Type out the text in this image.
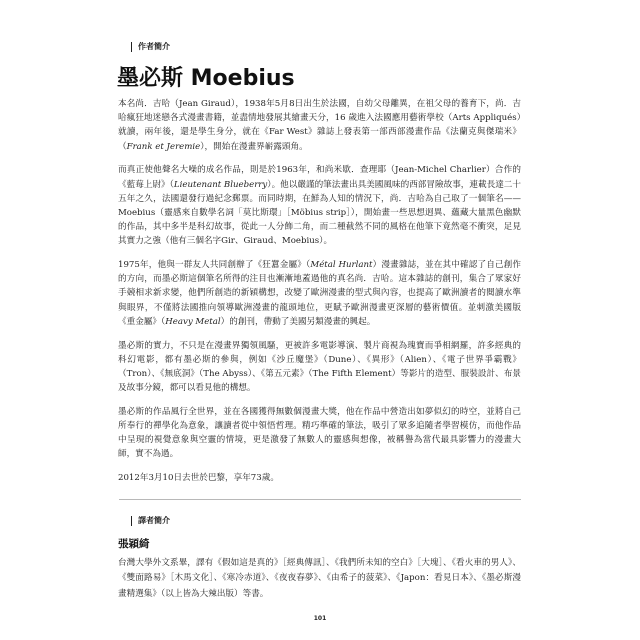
作者簡介
墨必斯 Moebius

本名尚．吉哈（Jean Giraud），1938年5月8日出生於法國，自幼父母離異，在祖父母的養育下，尚．吉哈瘋狂地迷戀各式漫畫書籍，並盡情地發展其繪畫天分，16 歲進入法國應用藝術學校（Arts Appliqués）就讀，兩年後，還是學生身分，就在《Far West》雜誌上發表第一部西部漫畫作品《法蘭克與傑瑞米》（Frank et Jeremie），開始在漫畫界嶄露頭角。

而真正使他聲名大噪的成名作品，則是於1963年，和尚米歇．查理耶（Jean-Michel Charlier）合作的《藍莓上尉》（Lieutenant Blueberry）。他以嚴謹的筆法畫出具美國風味的西部冒險故事，連載長達二十五年之久，法國還發行過紀念郵票。而同時期，在鮮為人知的情況下，尚．吉哈為自己取了一個筆名——Moebius（靈感來自數學名詞「莫比斯環」［Möbius strip］），開始畫一些思想迥異、蘊藏大量黑色幽默的作品，其中多半是科幻故事，從此一人分飾二角，而二種截然不同的風格在他筆下竟然毫不衝突，足見其實力之強（他有三個名字Gir、Giraud、Moebius）。

1975年，他與一群友人共同創辦了《狂囂金屬》（Métal Hurlant）漫畫雜誌，並在其中確認了自己創作的方向，而墨必斯這個筆名所得的注目也漸漸地蓋過他的真名尚．吉哈。這本雜誌的創刊，集合了眾家好手競相求新求變，他們所創造的新穎構想，改變了歐洲漫畫的型式與內容，也提高了歐洲讀者的閱讀水準與眼界，不僅將法國推向領導歐洲漫畫的龍頭地位，更賦予歐洲漫畫更深層的藝術價值。並刺激美國版《重金屬》（Heavy Metal）的創刊，帶動了美國另類漫畫的興起。

墨必斯的實力，不只是在漫畫界獨領風騷，更被許多電影導演、製片商視為瑰寶而爭相網羅，許多經典的科幻電影，都有墨必斯的參與，例如《沙丘魔堡》（Dune）、《異形》（Alien）、《電子世界爭霸戰》（Tron）、《無底洞》（The Abyss）、《第五元素》（The Fifth Element）等影片的造型、服裝設計、布景及故事分鏡，都可以看見他的構想。

墨必斯的作品風行全世界，並在各國獲得無數個漫畫大獎，他在作品中營造出如夢似幻的時空，並將自己所奉行的禪學化為意象，讓讀者從中領悟哲理。精巧準確的筆法，吸引了眾多追隨者學習模仿，而他作品中呈現的視覺意象與空靈的情境，更是激發了無數人的靈感與想像，被稱譽為當代最具影響力的漫畫大師，實不為過。

2012年3月10日去世於巴黎，享年73歲。

譯者簡介
張穎綺

台灣大學外文系畢，譯有《假如這是真的》［經典傳訊］、《我們所未知的空白》［大塊］、《看火車的男人》、《雙面路易》［木馬文化］、《寒冷赤道》、《夜夜春夢》、《由希子的菠菜》、《Japon：看見日本》、《墨必斯漫畫精選集》（以上皆為大辣出版）等書。

101
